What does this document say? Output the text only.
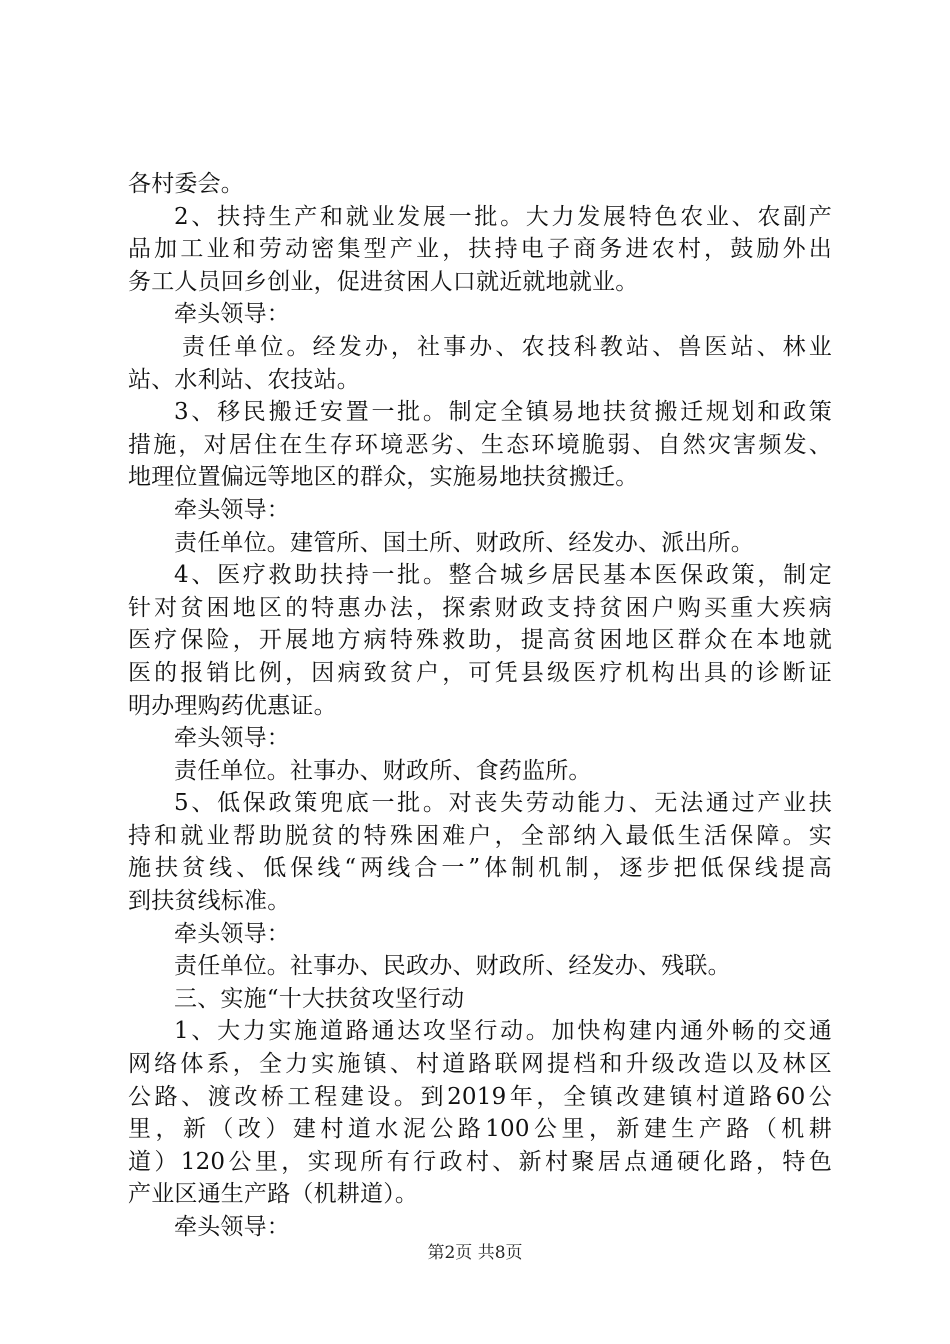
各村委会。
2、扶持生产和就业发展一批。大力发展特色农业、农副产
品加工业和劳动密集型产业，扶持电子商务进农村，鼓励外出
务工人员回乡创业，促进贫困人口就近就地就业。
牵头领导：
责任单位。经发办，社事办、农技科教站、兽医站、林业
站、水利站、农技站。
3、移民搬迁安置一批。制定全镇易地扶贫搬迁规划和政策
措施，对居住在生存环境恶劣、生态环境脆弱、自然灾害频发、
地理位置偏远等地区的群众，实施易地扶贫搬迁。
牵头领导：
责任单位。建管所、国土所、财政所、经发办、派出所。
4、医疗救助扶持一批。整合城乡居民基本医保政策，制定
针对贫困地区的特惠办法，探索财政支持贫困户购买重大疾病
医疗保险，开展地方病特殊救助，提高贫困地区群众在本地就
医的报销比例，因病致贫户，可凭县级医疗机构出具的诊断证
明办理购药优惠证。
牵头领导：
责任单位。社事办、财政所、食药监所。
5、低保政策兜底一批。对丧失劳动能力、无法通过产业扶
持和就业帮助脱贫的特殊困难户，全部纳入最低生活保障。实
施扶贫线、低保线“两线合一”体制机制，逐步把低保线提高
到扶贫线标准。
牵头领导：
责任单位。社事办、民政办、财政所、经发办、残联。
三、实施“十大扶贫攻坚行动
1、大力实施道路通达攻坚行动。加快构建内通外畅的交通
网络体系，全力实施镇、村道路联网提档和升级改造以及林区
公路、渡改桥工程建设。到2019年，全镇改建镇村道路60公
里，新（改）建村道水泥公路100公里，新建生产路（机耕
道）120公里，实现所有行政村、新村聚居点通硬化路，特色
产业区通生产路（机耕道）。
牵头领导：
第2页 共8页
